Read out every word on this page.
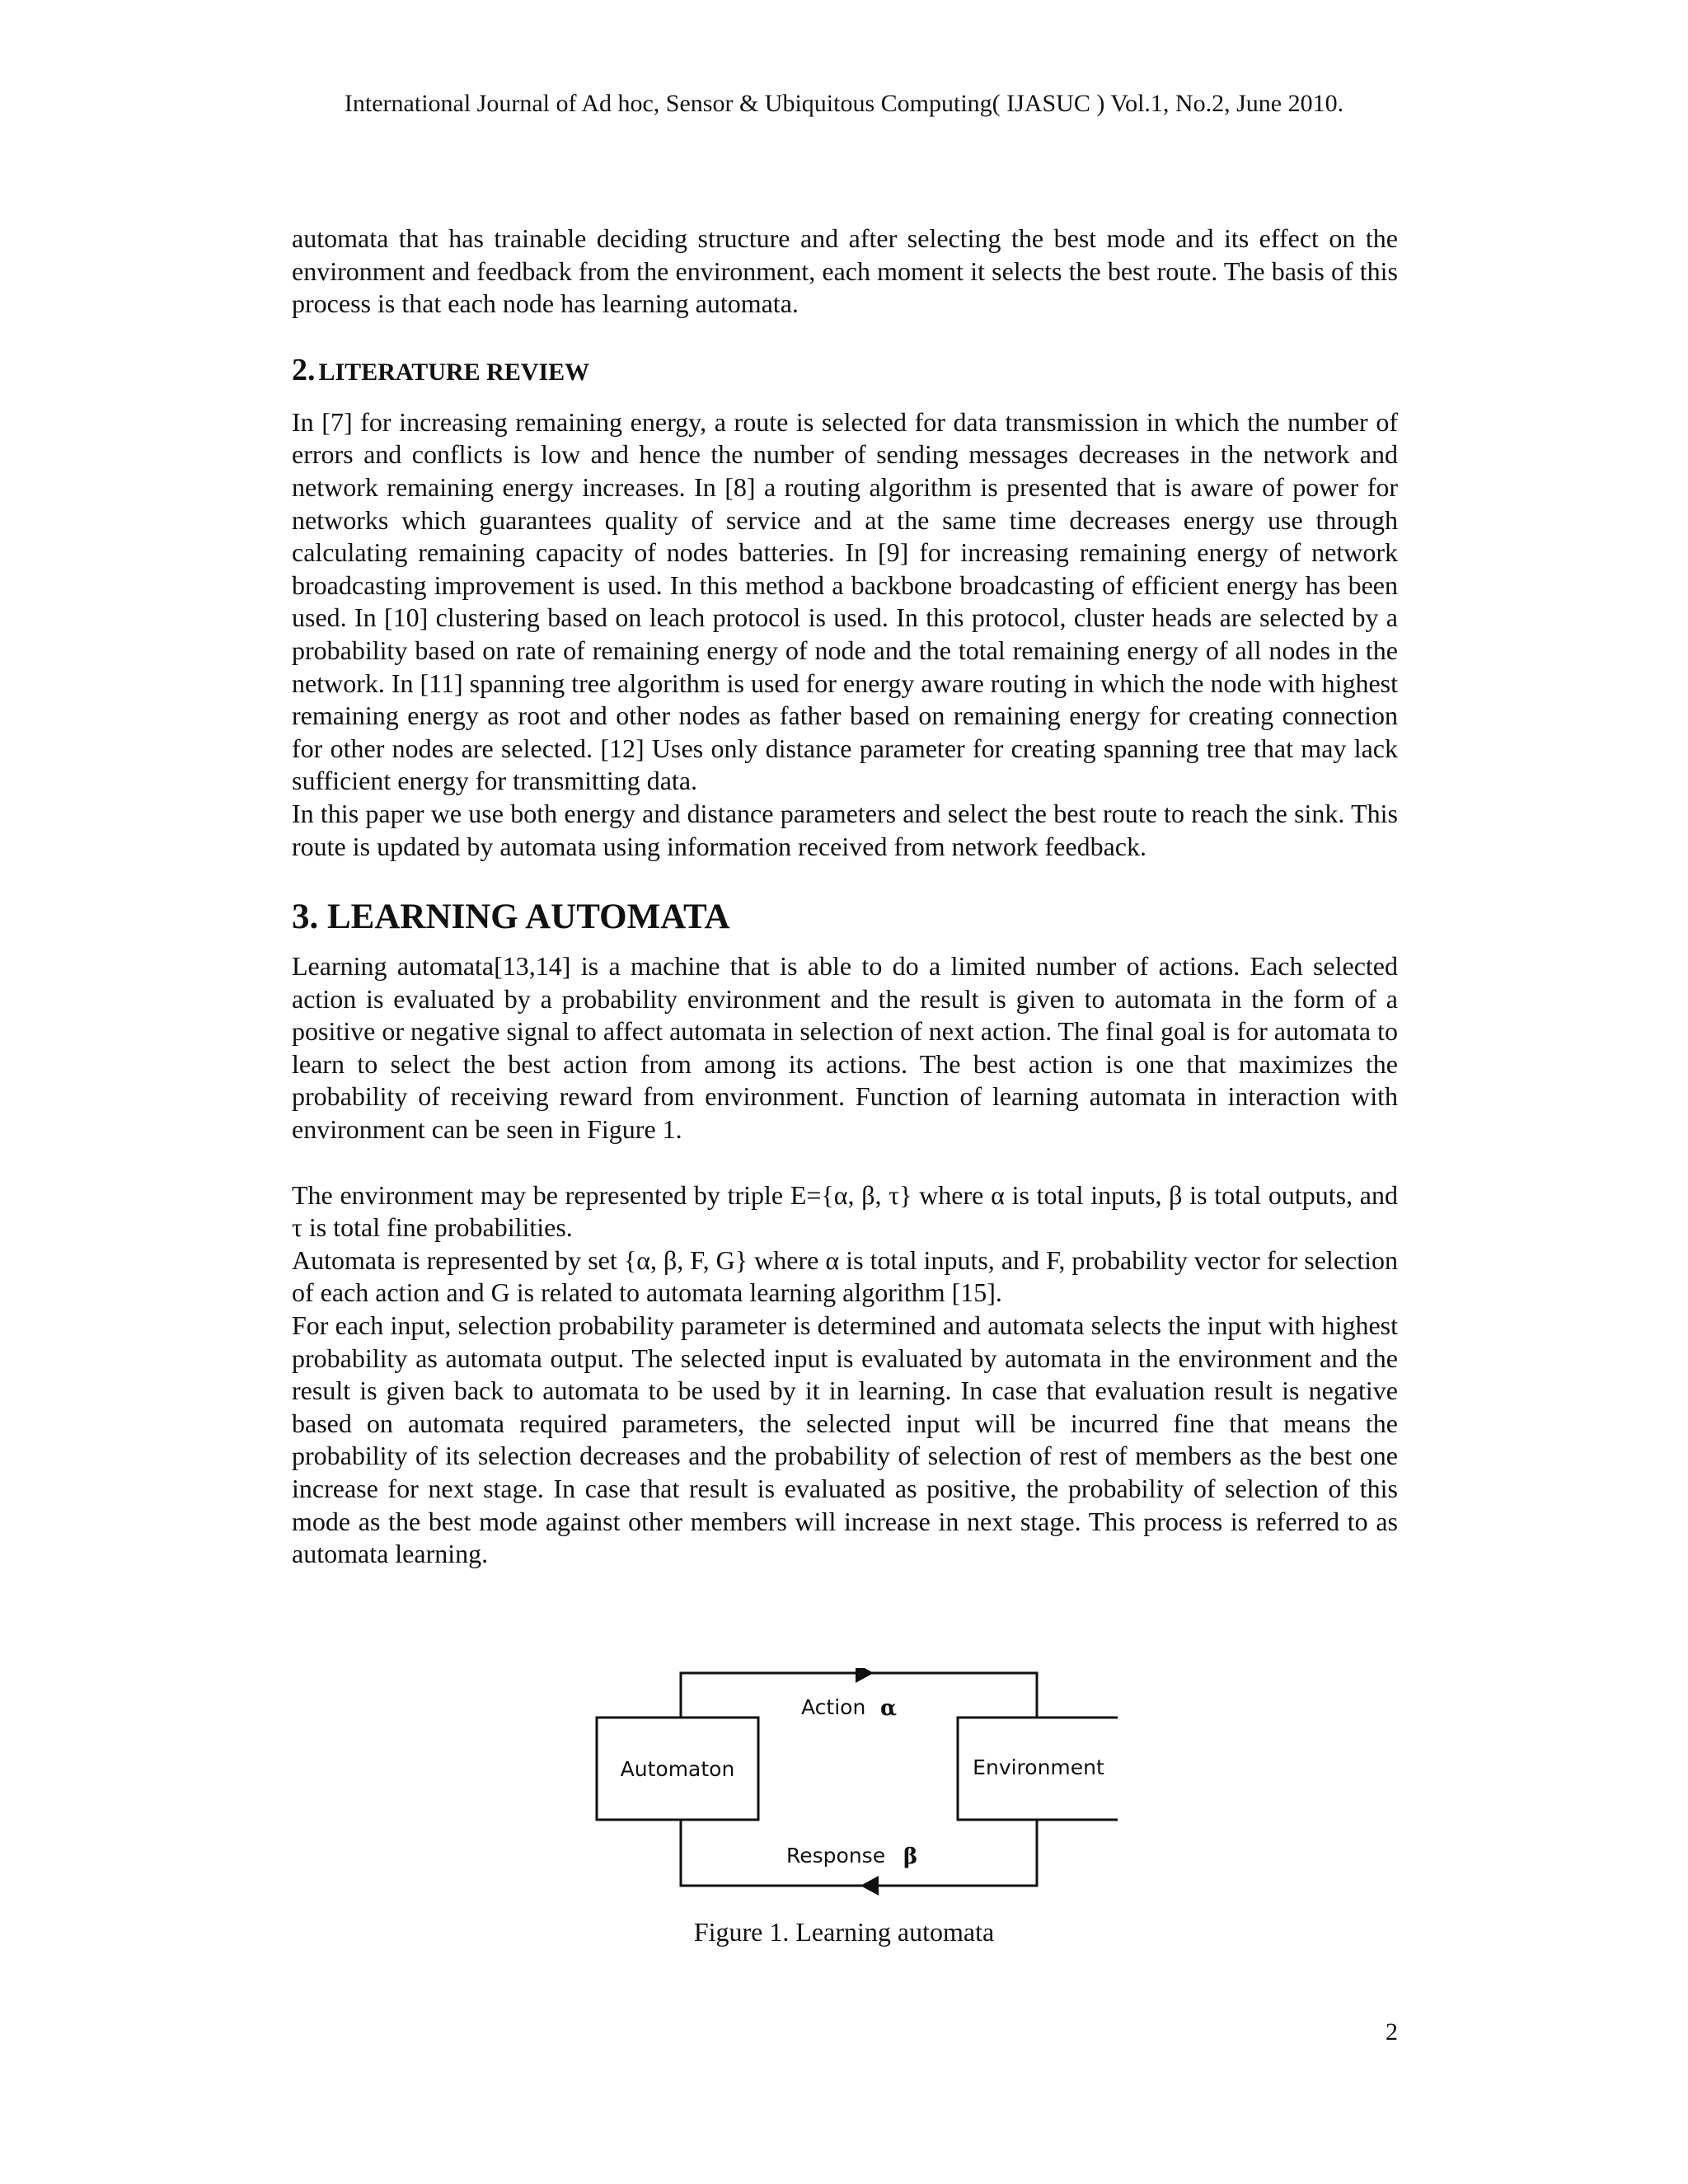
International Journal of Ad hoc, Sensor & Ubiquitous Computing( IJASUC ) Vol.1, No.2, June 2010.

automata that has trainable deciding structure and after selecting the best mode and its effect on the environment and feedback from the environment, each moment it selects the best route. The basis of this process is that each node has learning automata.

2. LITERATURE REVIEW

In [7] for increasing remaining energy, a route is selected for data transmission in which the number of errors and conflicts is low and hence the number of sending messages decreases in the network and network remaining energy increases. In [8] a routing algorithm is presented that is aware of power for networks which guarantees quality of service and at the same time decreases energy use through calculating remaining capacity of nodes batteries. In [9] for increasing remaining energy of network broadcasting improvement is used. In this method a backbone broadcasting of efficient energy has been used. In [10] clustering based on leach protocol is used. In this protocol, cluster heads are selected by a probability based on rate of remaining energy of node and the total remaining energy of all nodes in the network. In [11] spanning tree algorithm is used for energy aware routing in which the node with highest remaining energy as root and other nodes as father based on remaining energy for creating connection for other nodes are selected. [12] Uses only distance parameter for creating spanning tree that may lack sufficient energy for transmitting data.

In this paper we use both energy and distance parameters and select the best route to reach the sink. This route is updated by automata using information received from network feedback.

3. LEARNING AUTOMATA

Learning automata[13,14] is a machine that is able to do a limited number of actions. Each selected action is evaluated by a probability environment and the result is given to automata in the form of a positive or negative signal to affect automata in selection of next action. The final goal is for automata to learn to select the best action from among its actions. The best action is one that maximizes the probability of receiving reward from environment. Function of learning automata in interaction with environment can be seen in Figure 1.

The environment may be represented by triple E={α, β, τ} where α is total inputs, β is total outputs, and τ is total fine probabilities.

Automata is represented by set {α, β, F, G} where α is total inputs, and F, probability vector for selection of each action and G is related to automata learning algorithm [15].

For each input, selection probability parameter is determined and automata selects the input with highest probability as automata output. The selected input is evaluated by automata in the environment and the result is given back to automata to be used by it in learning. In case that evaluation result is negative based on automata required parameters, the selected input will be incurred fine that means the probability of its selection decreases and the probability of selection of rest of members as the best one increase for next stage. In case that result is evaluated as positive, the probability of selection of this mode as the best mode against other members will increase in next stage. This process is referred to as automata learning.

Automaton	Environment
Action α
Response β
Figure 1. Learning automata
2
